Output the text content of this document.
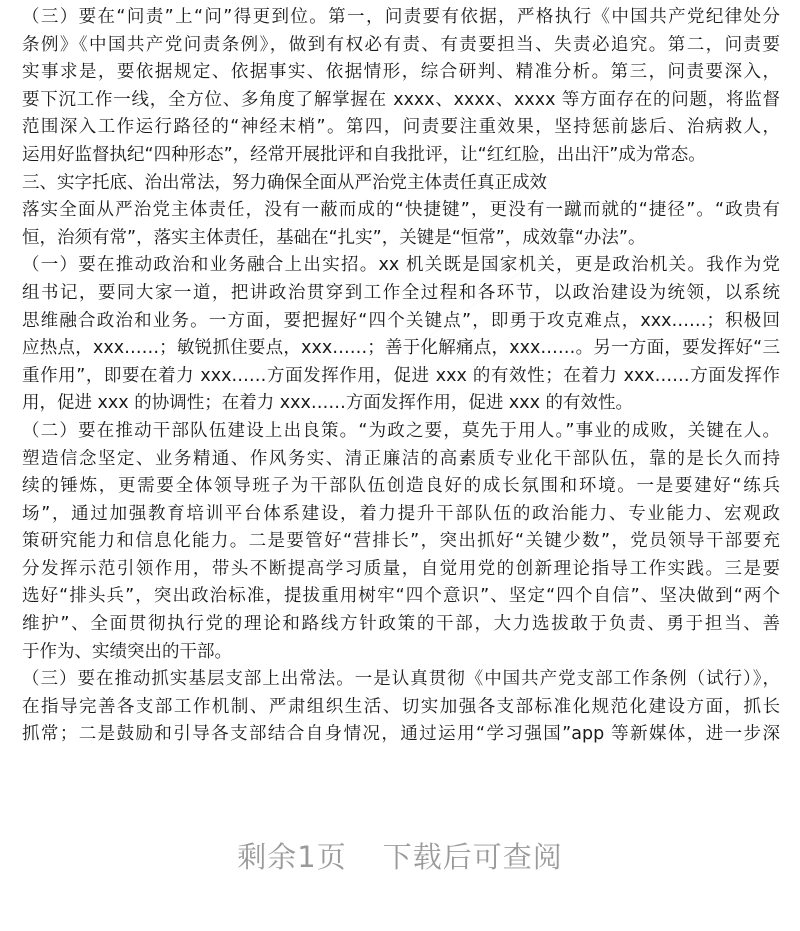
（三）要在“问责”上“问”得更到位。第一，问责要有依据，严格执行《中国共产党纪律处分
条例》《中国共产党问责条例》，做到有权必有责、有责要担当、失责必追究。第二，问责要
实事求是，要依据规定、依据事实、依据情形，综合研判、精准分析。第三，问责要深入，
要下沉工作一线，全方位、多角度了解掌握在 xxxx、xxxx、xxxx 等方面存在的问题，将监督
范围深入工作运行路径的“神经末梢”。第四，问责要注重效果，坚持惩前毖后、治病救人，
运用好监督执纪“四种形态”，经常开展批评和自我批评，让“红红脸，出出汗”成为常态。
三、实字托底、治出常法，努力确保全面从严治党主体责任真正成效
落实全面从严治党主体责任，没有一蔽而成的“快捷键”，更没有一蹴而就的“捷径”。“政贵有
恒，治须有常”，落实主体责任，基础在“扎实”，关键是“恒常”，成效靠“办法”。
（一）要在推动政治和业务融合上出实招。xx 机关既是国家机关，更是政治机关。我作为党
组书记，要同大家一道，把讲政治贯穿到工作全过程和各环节，以政治建设为统领，以系统
思维融合政治和业务。一方面，要把握好“四个关键点”，即勇于攻克难点，xxx……；积极回
应热点，xxx……；敏锐抓住要点，xxx……；善于化解痛点，xxx……。另一方面，要发挥好“三
重作用”，即要在着力 xxx……方面发挥作用，促进 xxx 的有效性；在着力 xxx……方面发挥作
用，促进 xxx 的协调性；在着力 xxx……方面发挥作用，促进 xxx 的有效性。
（二）要在推动干部队伍建设上出良策。“为政之要，莫先于用人。”事业的成败，关键在人。
塑造信念坚定、业务精通、作风务实、清正廉洁的高素质专业化干部队伍，靠的是长久而持
续的锤炼，更需要全体领导班子为干部队伍创造良好的成长氛围和环境。一是要建好“练兵
场”，通过加强教育培训平台体系建设，着力提升干部队伍的政治能力、专业能力、宏观政
策研究能力和信息化能力。二是要管好“营排长”，突出抓好“关键少数”，党员领导干部要充
分发挥示范引领作用，带头不断提高学习质量，自觉用党的创新理论指导工作实践。三是要
选好“排头兵”，突出政治标准，提拔重用树牢“四个意识”、坚定“四个自信”、坚决做到“两个
维护”、全面贯彻执行党的理论和路线方针政策的干部，大力选拔敢于负责、勇于担当、善
于作为、实绩突出的干部。
（三）要在推动抓实基层支部上出常法。一是认真贯彻《中国共产党支部工作条例（试行）》，
在指导完善各支部工作机制、严肃组织生活、切实加强各支部标准化规范化建设方面，抓长
抓常；二是鼓励和引导各支部结合自身情况，通过运用“学习强国”app 等新媒体，进一步深
剩余1页 下载后可查阅
